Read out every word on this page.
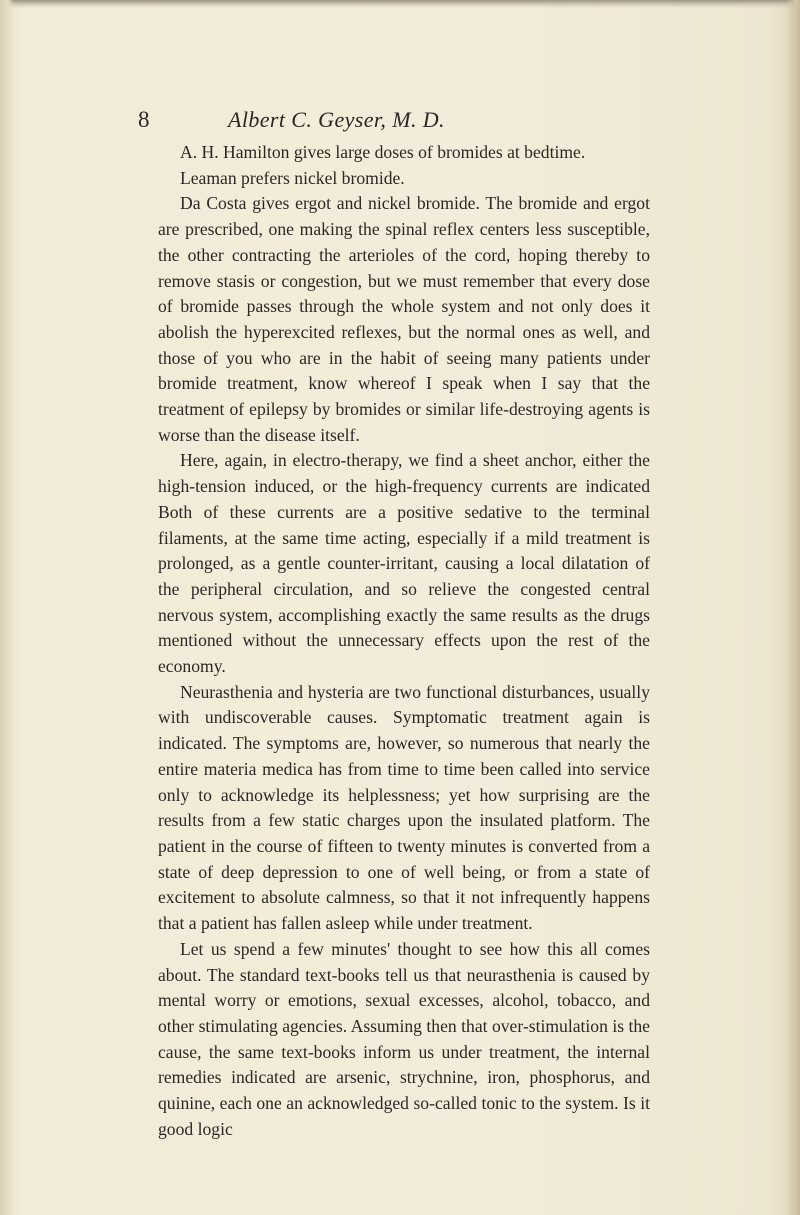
8	Albert C. Geyser, M. D.

A. H. Hamilton gives large doses of bromides at bedtime.

Leaman prefers nickel bromide.

Da Costa gives ergot and nickel bromide. The bromide and ergot are prescribed, one making the spinal reflex centers less susceptible, the other contracting the arterioles of the cord, hoping thereby to remove stasis or congestion, but we must remember that every dose of bromide passes through the whole system and not only does it abolish the hyperexcited reflexes, but the normal ones as well, and those of you who are in the habit of seeing many patients under bromide treatment, know whereof I speak when I say that the treatment of epilepsy by bromides or similar life-destroying agents is worse than the disease itself.

Here, again, in electro-therapy, we find a sheet anchor, either the high-tension induced, or the high-frequency currents are indicated Both of these currents are a positive sedative to the terminal filaments, at the same time acting, especially if a mild treatment is prolonged, as a gentle counter-irritant, causing a local dilatation of the peripheral circulation, and so relieve the congested central nervous system, accomplishing exactly the same results as the drugs mentioned without the unnecessary effects upon the rest of the economy.

Neurasthenia and hysteria are two functional disturbances, usually with undiscoverable causes. Symptomatic treatment again is indicated. The symptoms are, however, so numerous that nearly the entire materia medica has from time to time been called into service only to acknowledge its helplessness; yet how surprising are the results from a few static charges upon the insulated platform. The patient in the course of fifteen to twenty minutes is converted from a state of deep depression to one of well being, or from a state of excitement to absolute calmness, so that it not infrequently happens that a patient has fallen asleep while under treatment.

Let us spend a few minutes' thought to see how this all comes about. The standard text-books tell us that neurasthenia is caused by mental worry or emotions, sexual excesses, alcohol, tobacco, and other stimulating agencies. Assuming then that over-stimulation is the cause, the same text-books inform us under treatment, the internal remedies indicated are arsenic, strychnine, iron, phosphorus, and quinine, each one an acknowledged so-called tonic to the system. Is it good logic
